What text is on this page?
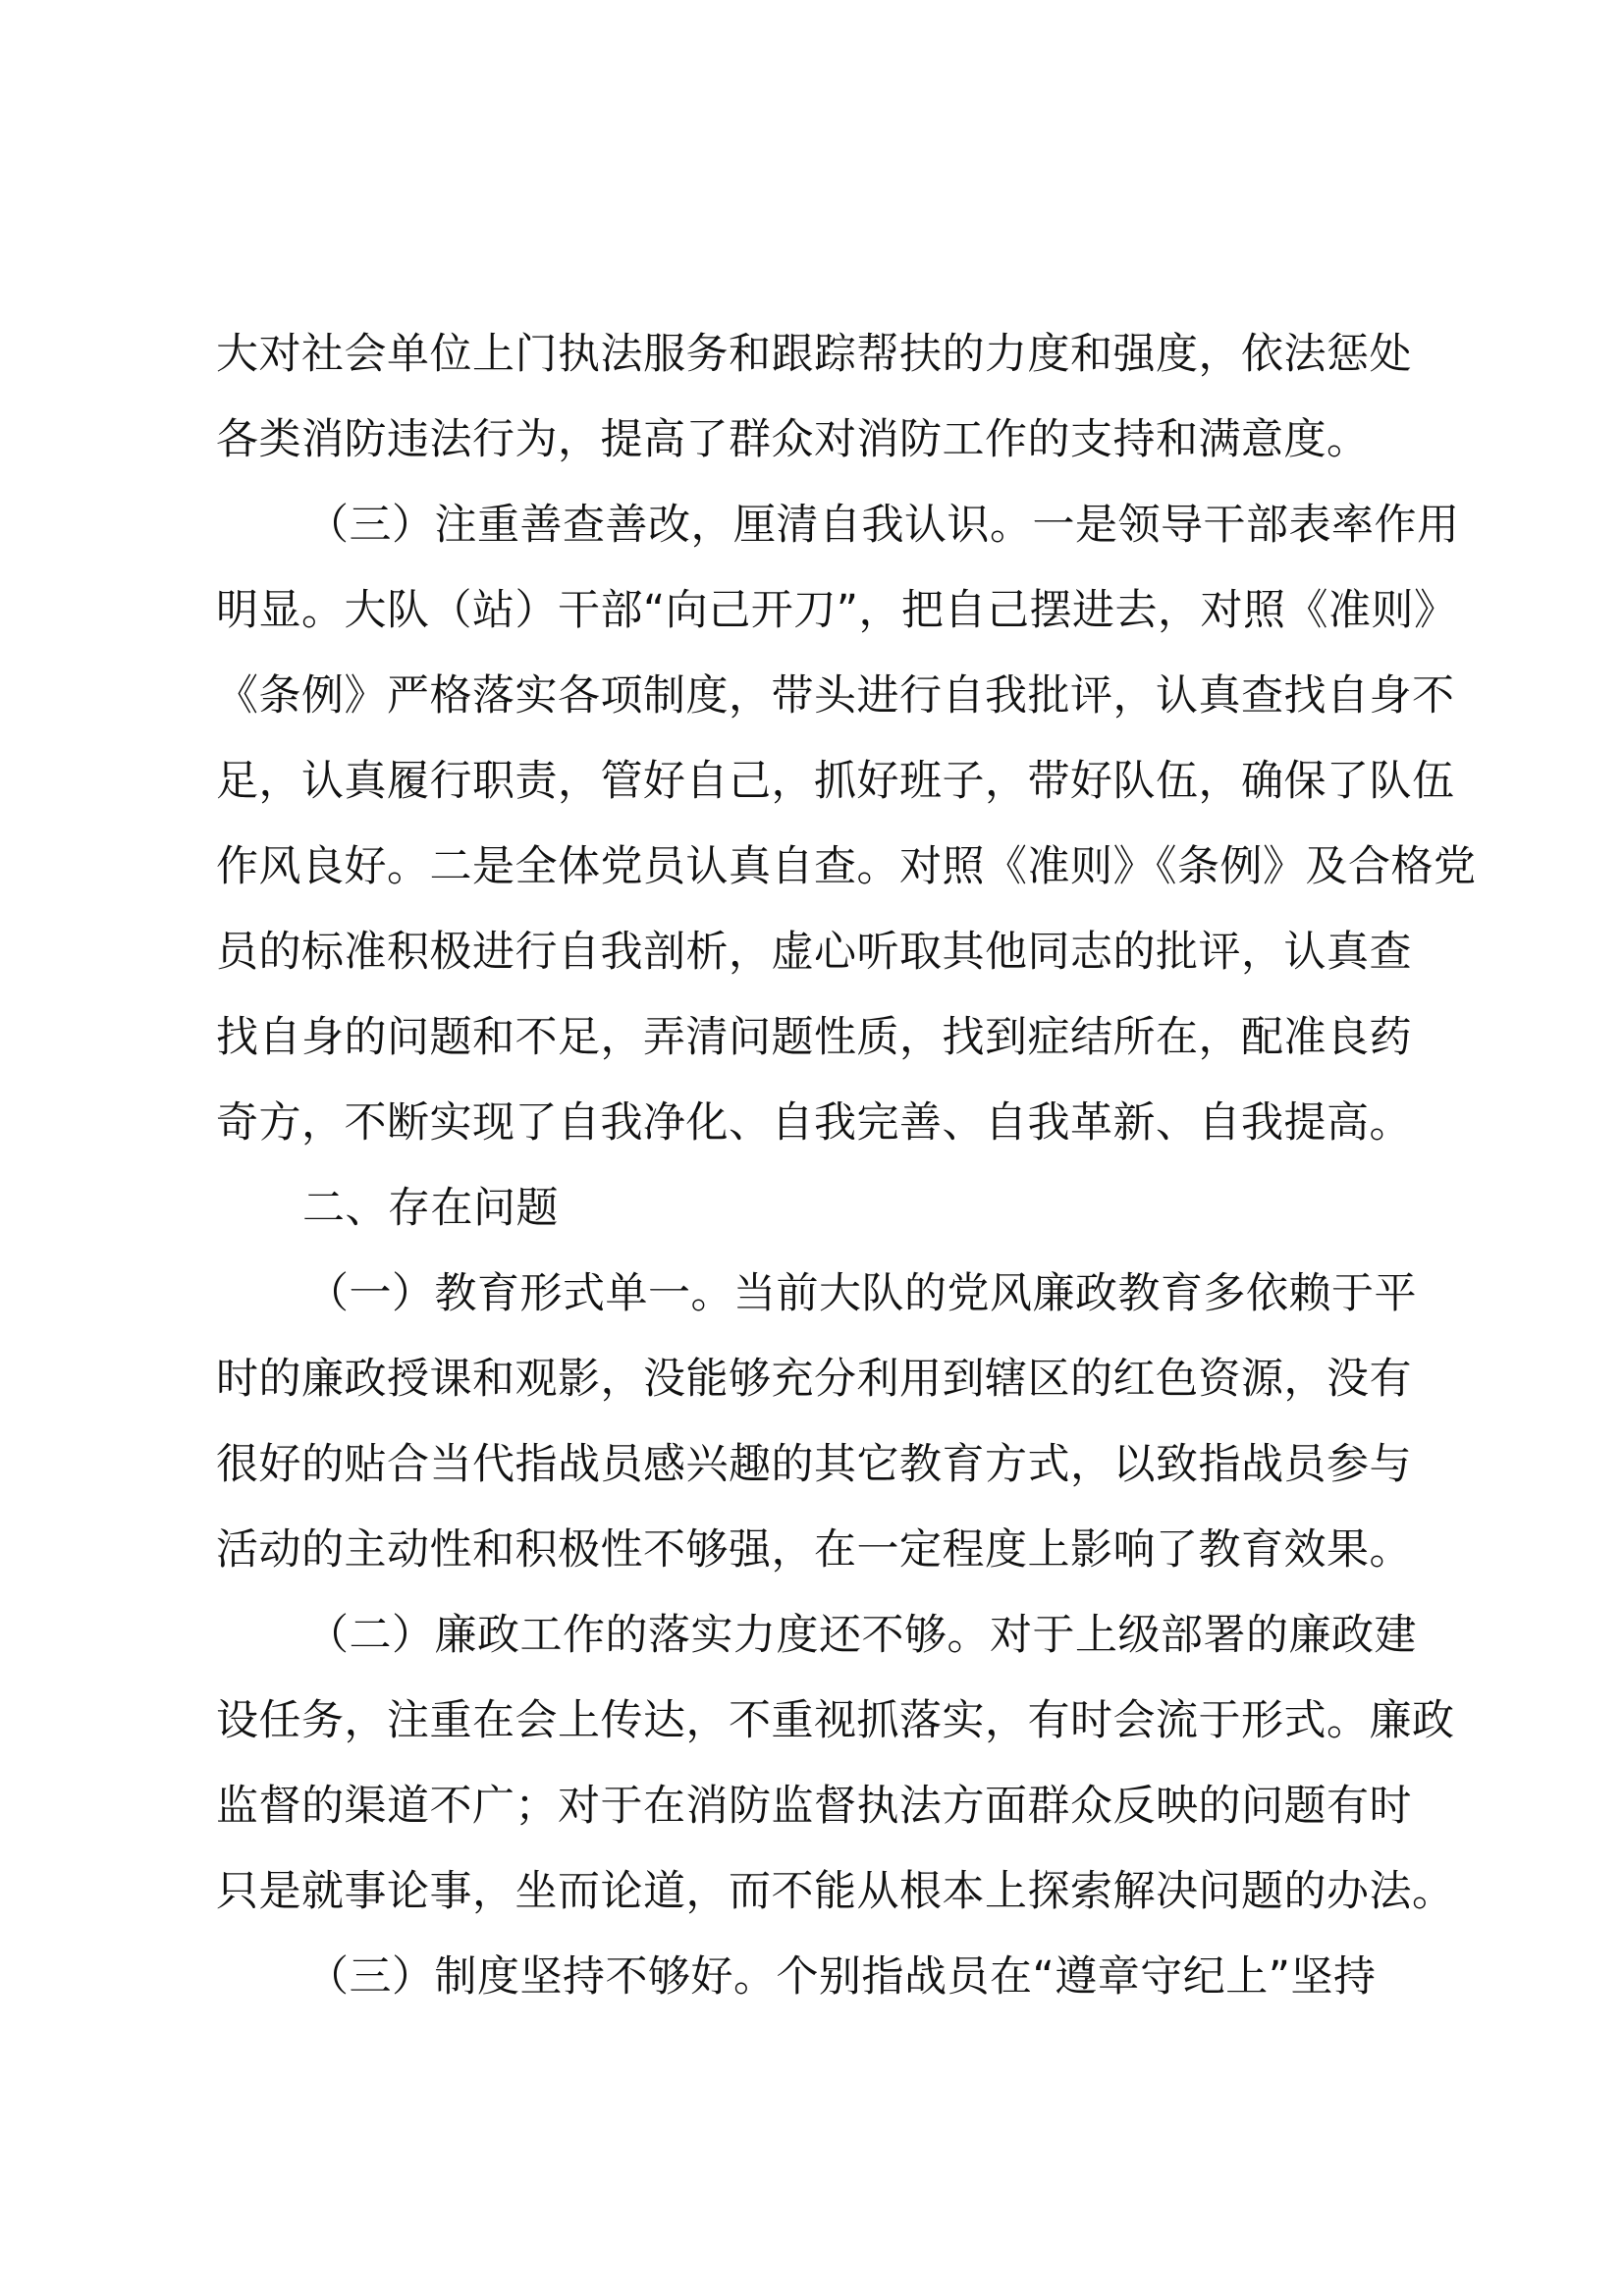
大对社会单位上门执法服务和跟踪帮扶的力度和强度，依法惩处
各类消防违法行为，提高了群众对消防工作的支持和满意度。
（三）注重善查善改，厘清自我认识。一是领导干部表率作用
明显。大队（站）干部“向己开刀”，把自己摆进去，对照《准则》
《条例》严格落实各项制度，带头进行自我批评，认真查找自身不
足，认真履行职责，管好自己，抓好班子，带好队伍，确保了队伍
作风良好。二是全体党员认真自查。对照《准则》《条例》及合格党
员的标准积极进行自我剖析，虚心听取其他同志的批评，认真查
找自身的问题和不足，弄清问题性质，找到症结所在，配准良药
奇方，不断实现了自我净化、自我完善、自我革新、自我提高。
二、存在问题
（一）教育形式单一。当前大队的党风廉政教育多依赖于平
时的廉政授课和观影，没能够充分利用到辖区的红色资源，没有
很好的贴合当代指战员感兴趣的其它教育方式，以致指战员参与
活动的主动性和积极性不够强，在一定程度上影响了教育效果。
（二）廉政工作的落实力度还不够。对于上级部署的廉政建
设任务，注重在会上传达，不重视抓落实，有时会流于形式。廉政
监督的渠道不广；对于在消防监督执法方面群众反映的问题有时
只是就事论事，坐而论道，而不能从根本上探索解决问题的办法。
（三）制度坚持不够好。个别指战员在“遵章守纪上”坚持
